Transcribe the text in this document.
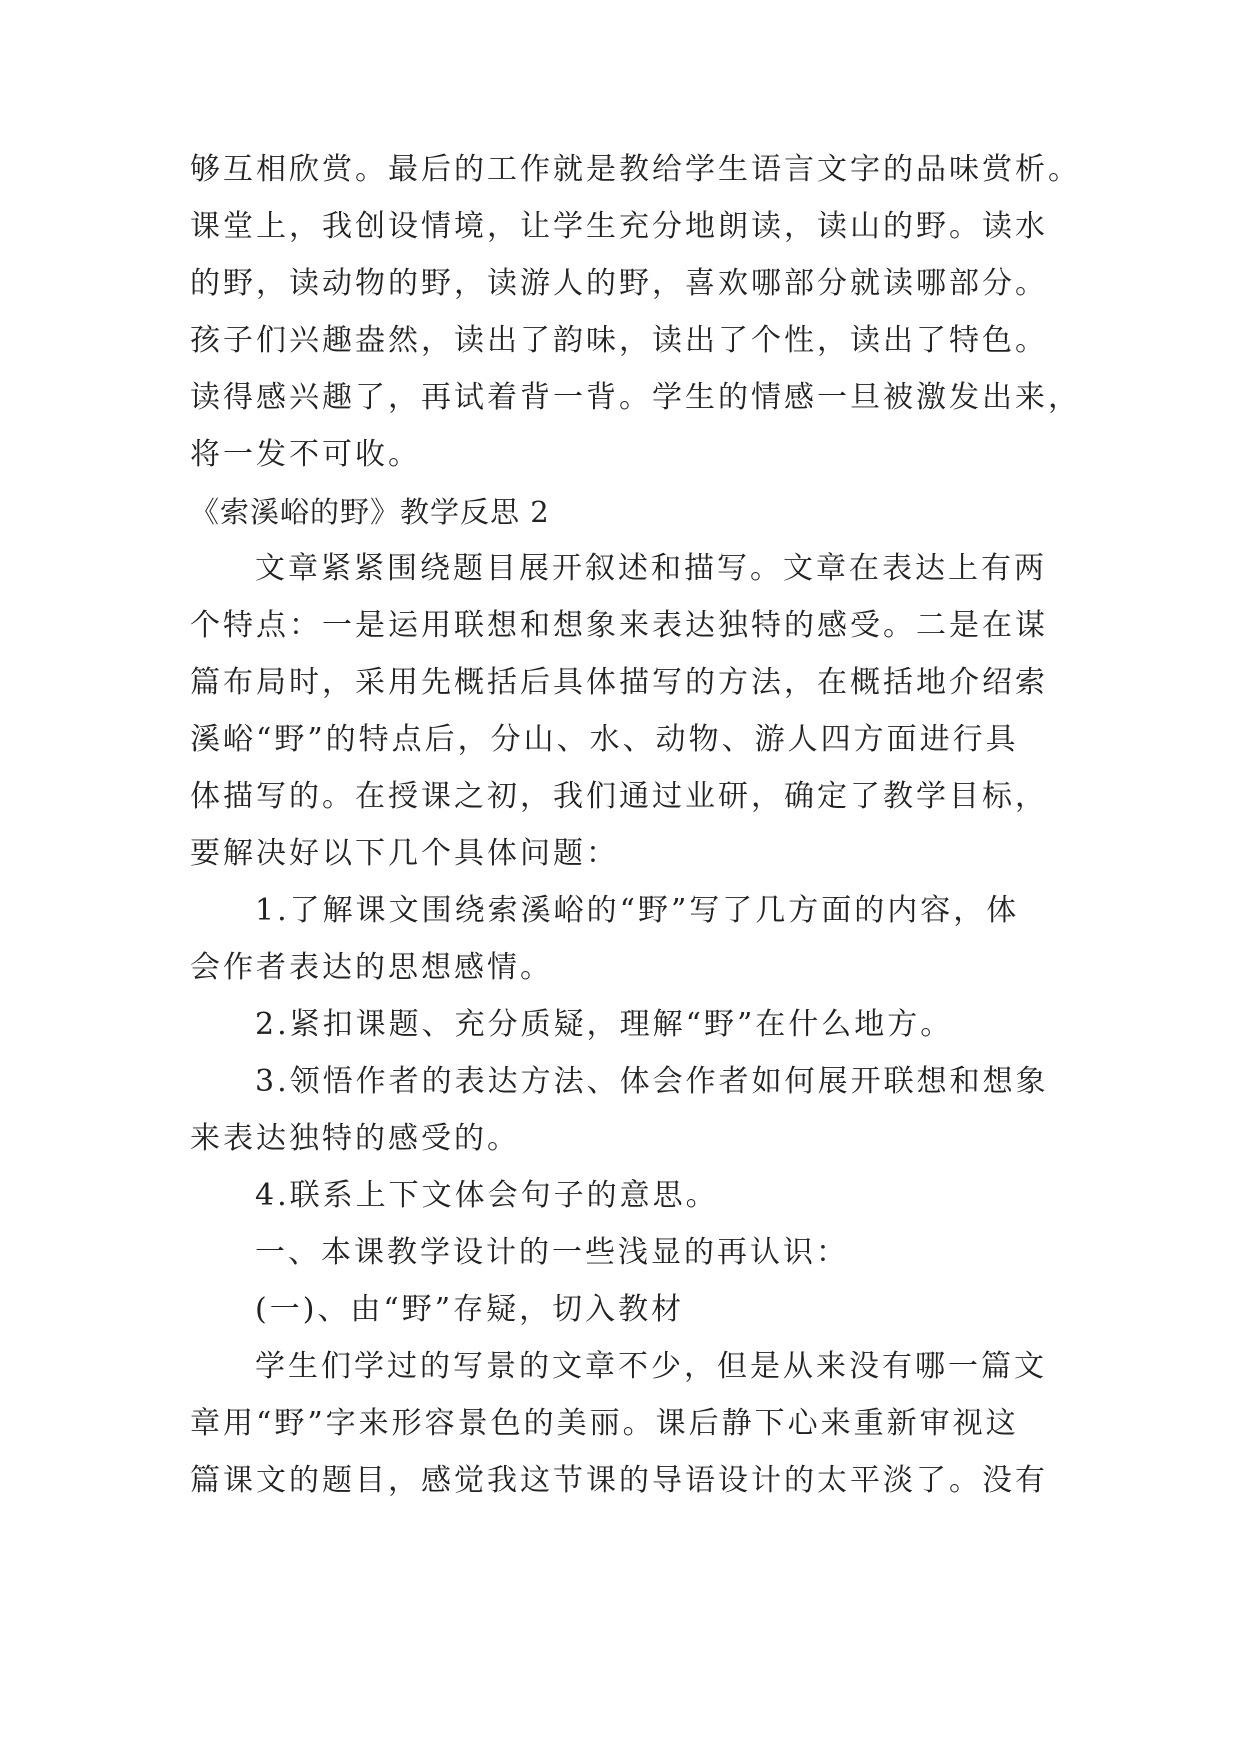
够互相欣赏。最后的工作就是教给学生语言文字的品味赏析。
课堂上，我创设情境，让学生充分地朗读，读山的野。读水
的野，读动物的野，读游人的野，喜欢哪部分就读哪部分。
孩子们兴趣盎然，读出了韵味，读出了个性，读出了特色。
读得感兴趣了，再试着背一背。学生的情感一旦被激发出来，
将一发不可收。
《索溪峪的野》教学反思 2
文章紧紧围绕题目展开叙述和描写。文章在表达上有两
个特点：一是运用联想和想象来表达独特的感受。二是在谋
篇布局时，采用先概括后具体描写的方法，在概括地介绍索
溪峪“野”的特点后，分山、水、动物、游人四方面进行具
体描写的。在授课之初，我们通过业研，确定了教学目标，
要解决好以下几个具体问题：
1.了解课文围绕索溪峪的“野”写了几方面的内容，体
会作者表达的思想感情。
2.紧扣课题、充分质疑，理解“野”在什么地方。
3.领悟作者的表达方法、体会作者如何展开联想和想象
来表达独特的感受的。
4.联系上下文体会句子的意思。
一、本课教学设计的一些浅显的再认识：
(一)、由“野”存疑，切入教材
学生们学过的写景的文章不少，但是从来没有哪一篇文
章用“野”字来形容景色的美丽。课后静下心来重新审视这
篇课文的题目，感觉我这节课的导语设计的太平淡了。没有
